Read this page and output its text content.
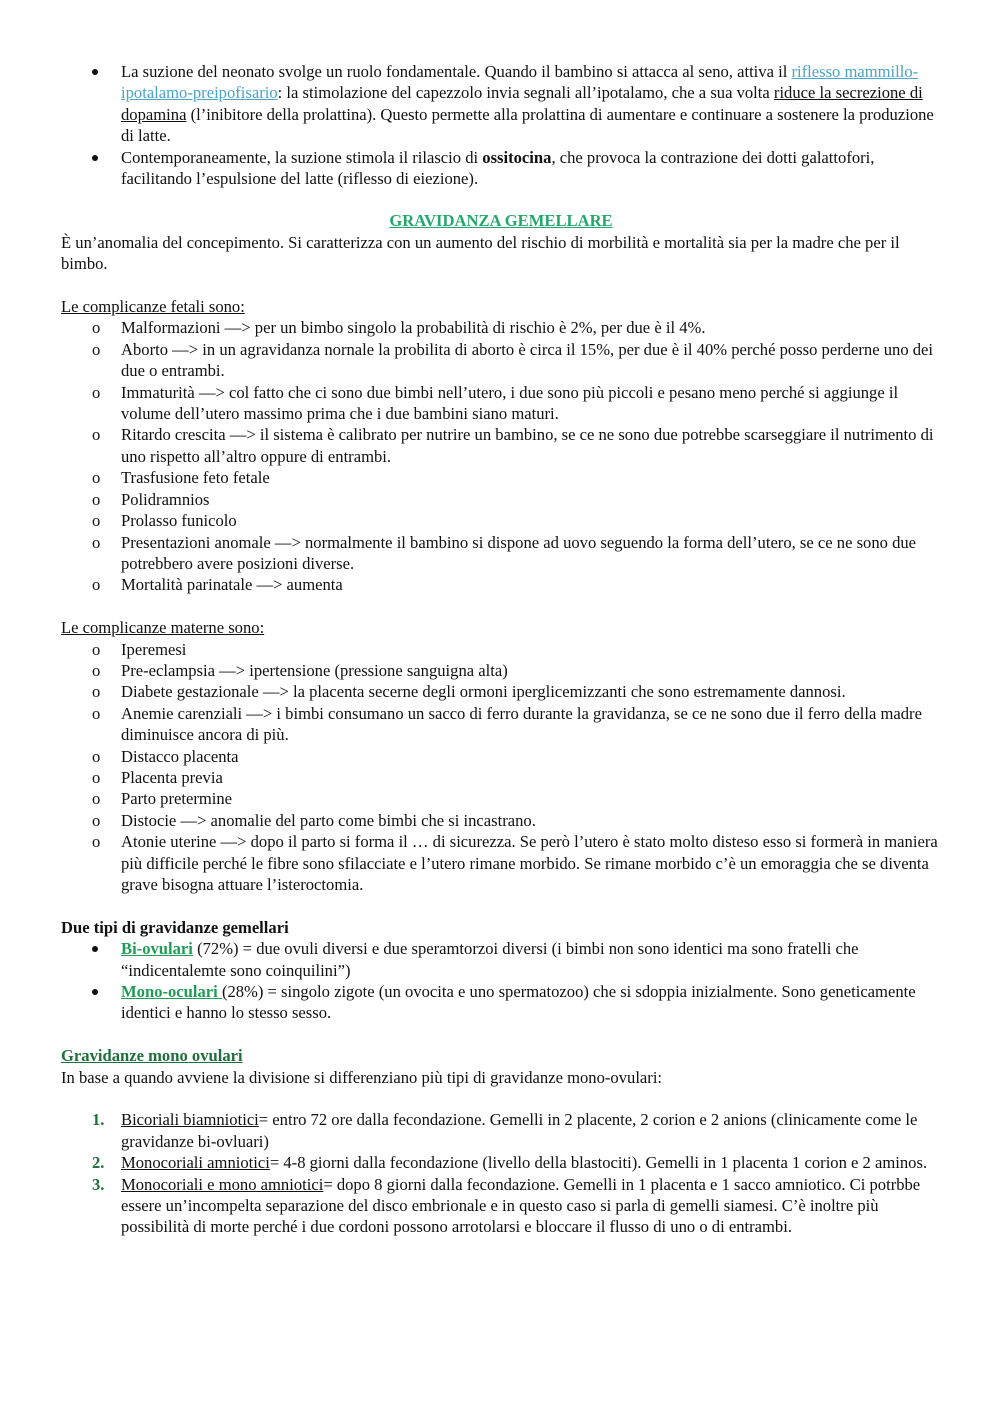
La suzione del neonato svolge un ruolo fondamentale. Quando il bambino si attacca al seno, attiva il riflesso mammillo-ipotalamo-preipofisario: la stimolazione del capezzolo invia segnali all’ipotalamo, che a sua volta riduce la secrezione di dopamina (l’inibitore della prolattina). Questo permette alla prolattina di aumentare e continuare a sostenere la produzione di latte.
Contemporaneamente, la suzione stimola il rilascio di ossitocina, che provoca la contrazione dei dotti galattofori, facilitando l’espulsione del latte (riflesso di eiezione).

GRAVIDANZA GEMELLARE

È un’anomalia del concepimento. Si caratterizza con un aumento del rischio di morbilità e mortalità sia per la madre che per il bimbo.

Le complicanze fetali sono:

o Malformazioni —> per un bimbo singolo la probabilità di rischio è 2%, per due è il 4%.
o Aborto —> in un agravidanza nornale la probilita di aborto è circa il 15%, per due è il 40% perché posso perderne uno dei due o entrambi.
o Immaturità —> col fatto che ci sono due bimbi nell’utero, i due sono più piccoli e pesano meno perché si aggiunge il volume dell’utero massimo prima che i due bambini siano maturi.
o Ritardo crescita —> il sistema è calibrato per nutrire un bambino, se ce ne sono due potrebbe scarseggiare il nutrimento di uno rispetto all’altro oppure di entrambi.
o Trasfusione feto fetale
o Polidramnios
o Prolasso funicolo
o Presentazioni anomale —> normalmente il bambino si dispone ad uovo seguendo la forma dell’utero, se ce ne sono due potrebbero avere posizioni diverse.
o Mortalità parinatale —> aumenta

Le complicanze materne sono:

o Iperemesi
o Pre-eclampsia —> ipertensione (pressione sanguigna alta)
o Diabete gestazionale —> la placenta secerne degli ormoni iperglicemizzanti che sono estremamente dannosi.
o Anemie carenziali —> i bimbi consumano un sacco di ferro durante la gravidanza, se ce ne sono due il ferro della madre diminuisce ancora di più.
o Distacco placenta
o Placenta previa
o Parto pretermine
o Distocie —> anomalie del parto come bimbi che si incastrano.
o Atonie uterine —> dopo il parto si forma il … di sicurezza. Se però l’utero è stato molto disteso esso si formerà in maniera più difficile perché le fibre sono sfilacciate e l’utero rimane morbido. Se rimane morbido c’è un emoraggia che se diventa grave bisogna attuare l’isteroctomia.

Due tipi di gravidanze gemellari

Bi-ovulari (72%) = due ovuli diversi e due speramtorzoi diversi (i bimbi non sono identici ma sono fratelli che “indicentalemte sono coinquilini”)
Mono-oculari (28%) = singolo zigote (un ovocita e uno spermatozoo) che si sdoppia inizialmente. Sono geneticamente identici e hanno lo stesso sesso.

Gravidanze mono ovulari

In base a quando avviene la divisione si differenziano più tipi di gravidanze mono-ovulari:

1. Bicoriali biamniotici= entro 72 ore dalla fecondazione. Gemelli in 2 placente, 2 corion e 2 anions (clinicamente come le gravidanze bi-ovluari)
2. Monocoriali amniotici= 4-8 giorni dalla fecondazione (livello della blastociti). Gemelli in 1 placenta 1 corion e 2 aminos.
3. Monocoriali e mono amniotici= dopo 8 giorni dalla fecondazione. Gemelli in 1 placenta e 1 sacco amniotico. Ci potrbbe essere un’incompelta separazione del disco embrionale e in questo caso si parla di gemelli siamesi. C’è inoltre più possibilità di morte perché i due cordoni possono arrotolarsi e bloccare il flusso di uno o di entrambi.
